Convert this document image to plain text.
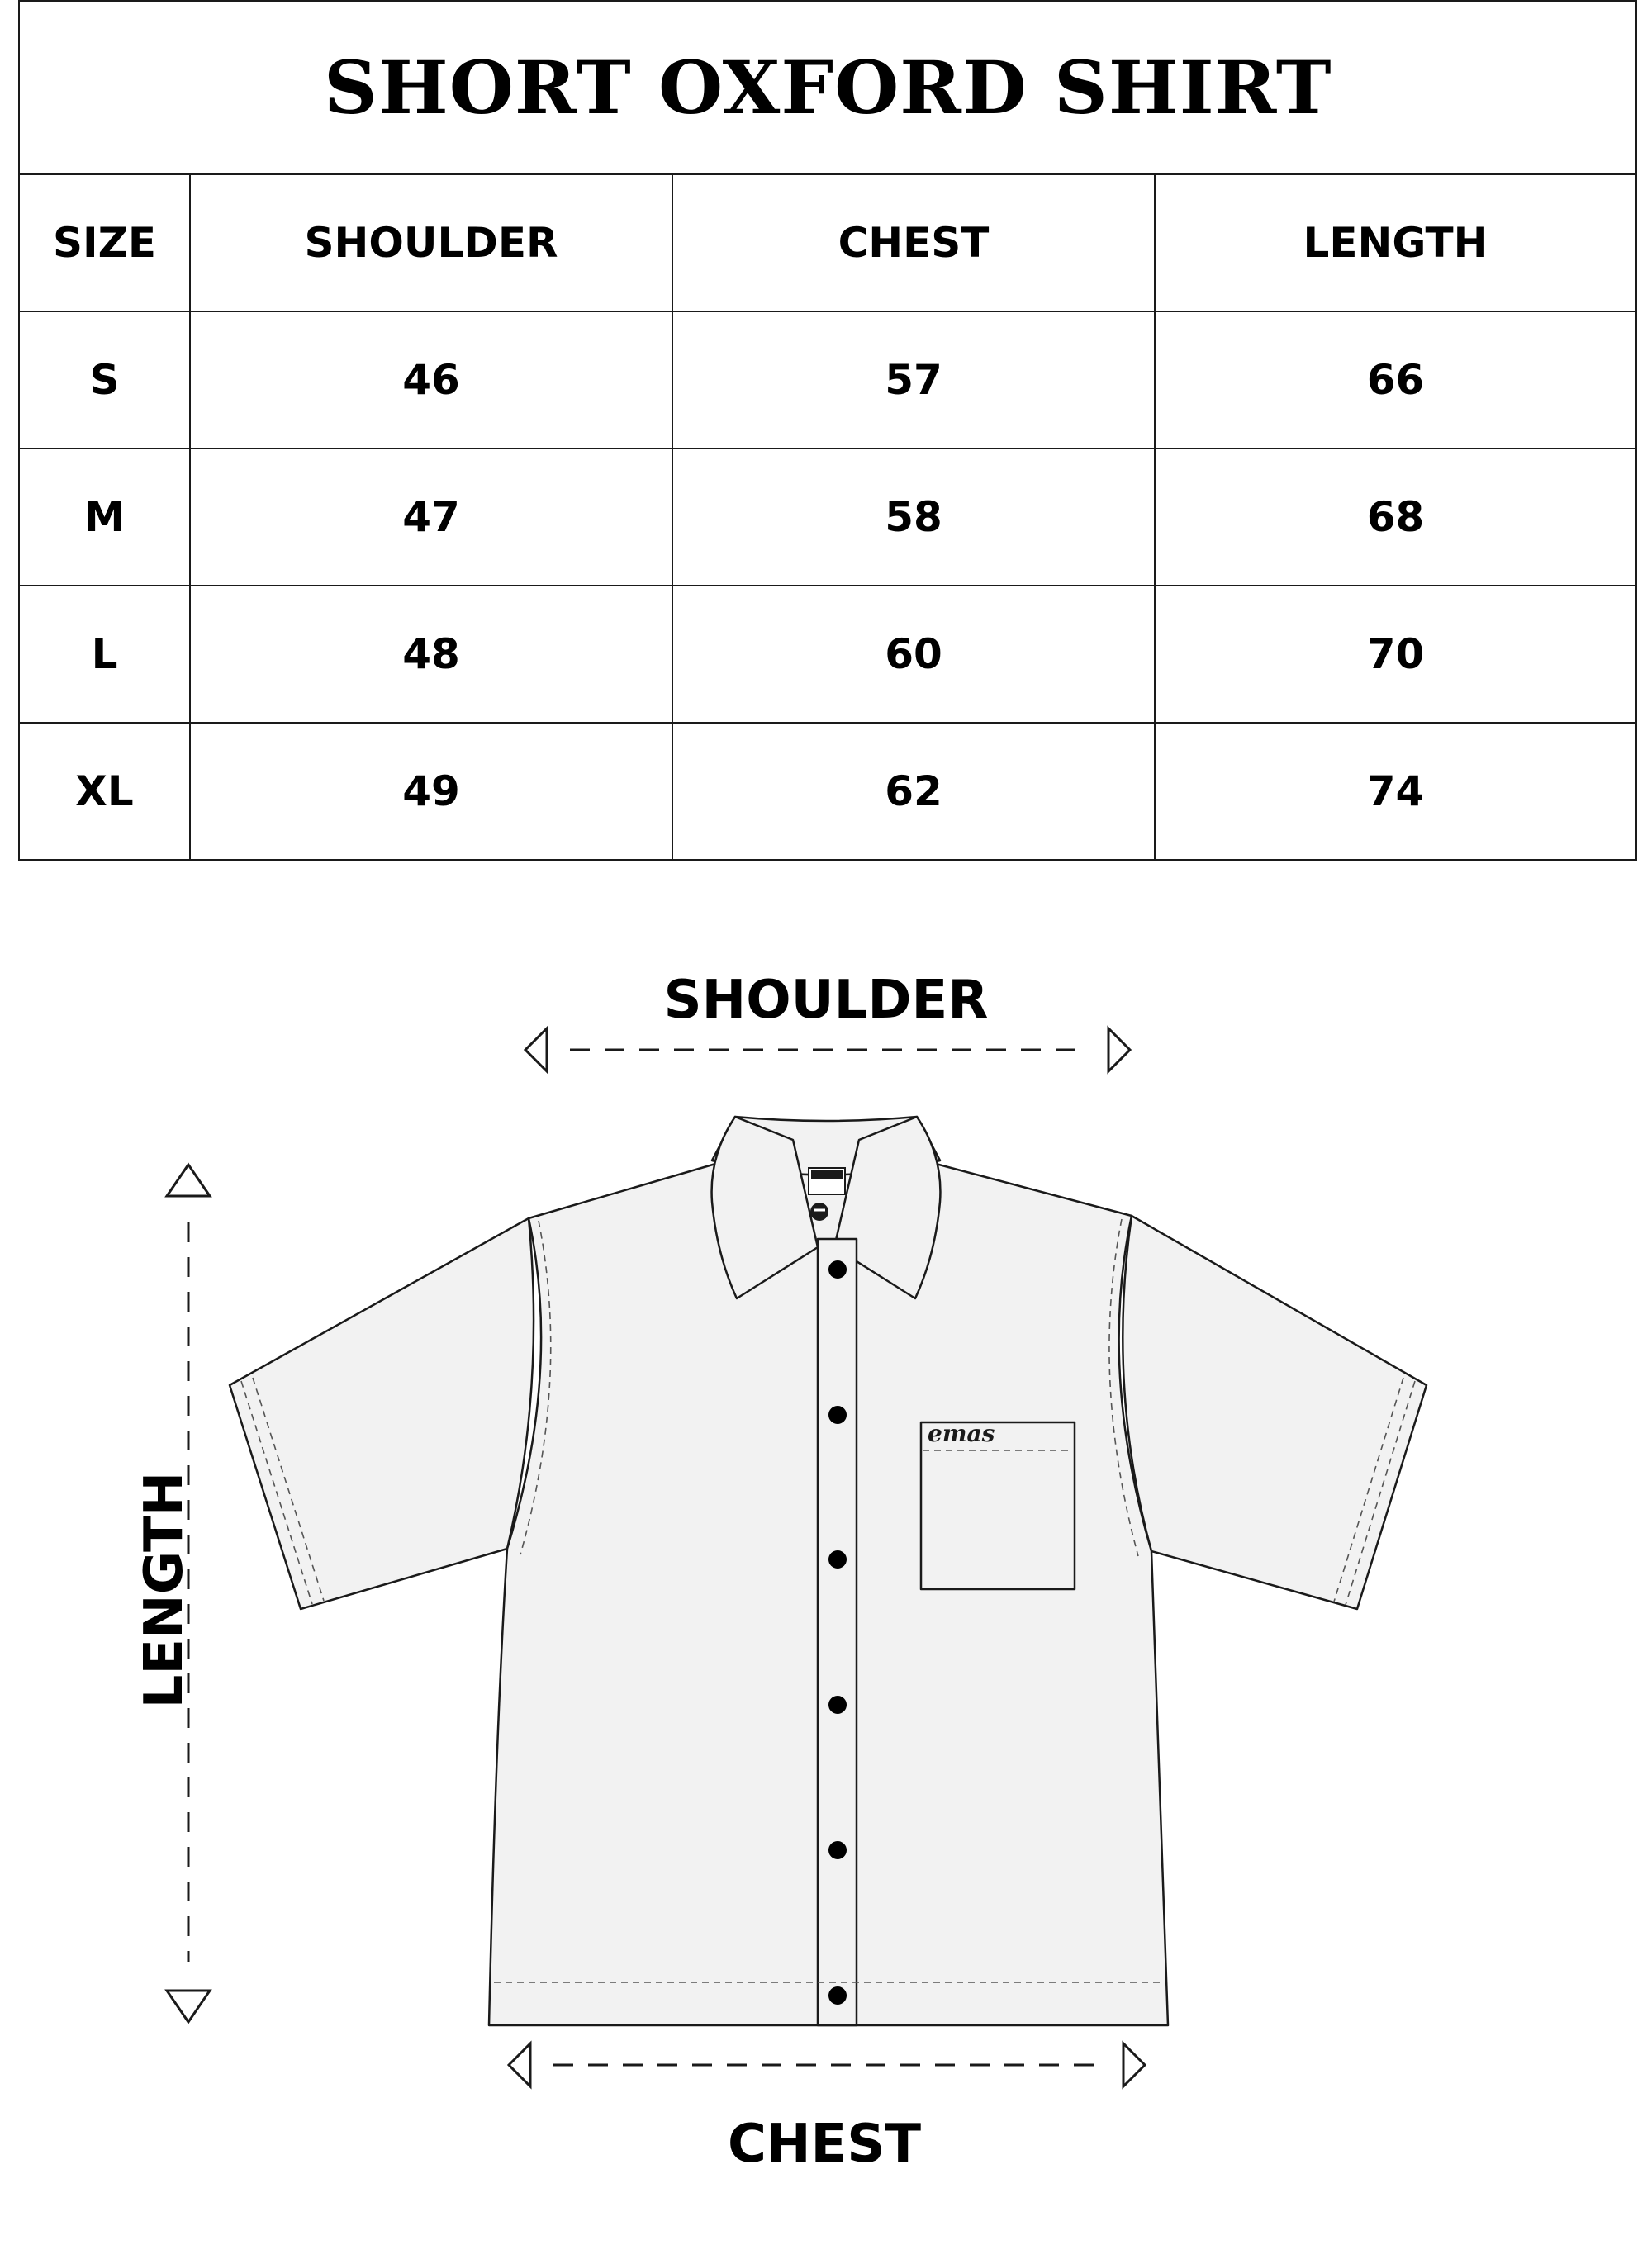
SHORT OXFORD SHIRT			
SIZE	SHOULDER	CHEST	LENGTH
S	46	57	66
M	47	58	68
L	48	60	70
XL	49	62	74
SHOULDER
CHEST
LENGTH
emas
